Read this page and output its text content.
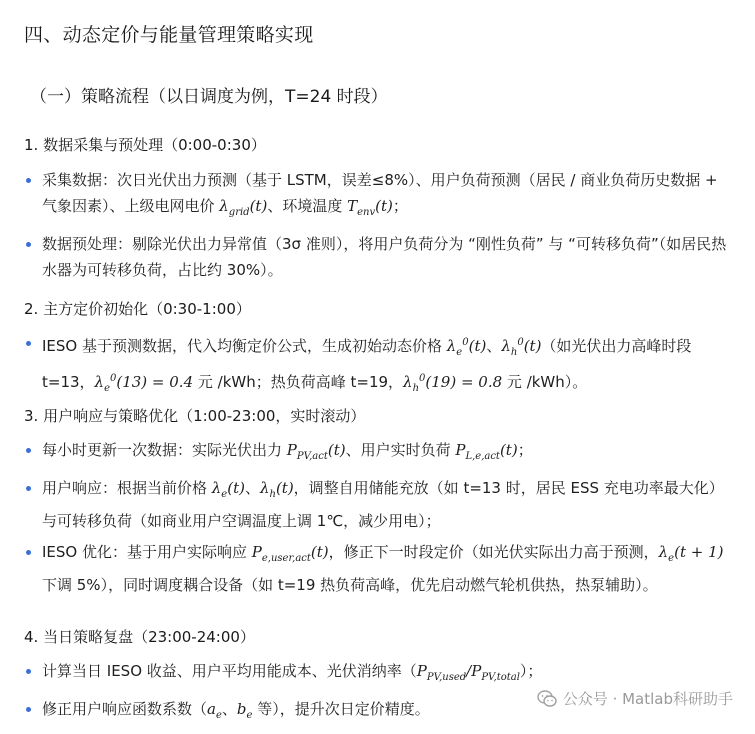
四、动态定价与能量管理策略实现
（一）策略流程（以日调度为例，T=24 时段）

1. 数据采集与预处理（0:00-0:30）

采集数据：次日光伏出力预测（基于 LSTM，误差≤8%）、用户负荷预测（居民 / 商业负荷历史数据 + 气象因素）、上级电网电价 $\lambda_{grid}(t)$、环境温度 $T_{env}(t)$；
数据预处理：剔除光伏出力异常值（3σ 准则），将用户负荷分为 “刚性负荷” 与 “可转移负荷”（如居民热水器为可转移负荷，占比约 30%）。

2. 主方定价初始化（0:30-1:00）

IESO 基于预测数据，代入均衡定价公式，生成初始动态价格 $\lambda_e^0(t)$、$\lambda_h^0(t)$（如光伏出力高峰时段 t=13，$\lambda_e^0(13) = 0.4$ 元 /kWh；热负荷高峰 t=19，$\lambda_h^0(19) = 0.8$ 元 /kWh）。

3. 用户响应与策略优化（1:00-23:00，实时滚动）

每小时更新一次数据：实际光伏出力 $P_{PV,act}(t)$、用户实时负荷 $P_{L,e,act}(t)$；
用户响应：根据当前价格 $\lambda_e(t)$、$\lambda_h(t)$，调整自用储能充放（如 t=13 时，居民 ESS 充电功率最大化）与可转移负荷（如商业用户空调温度上调 1℃，减少用电）；
IESO 优化：基于用户实际响应 $P_{e,user,act}(t)$，修正下一时段定价（如光伏实际出力高于预测，$\lambda_e(t + 1)$ 下调 5%），同时调度耦合设备（如 t=19 热负荷高峰，优先启动燃气轮机供热，热泵辅助）。

4. 当日策略复盘（23:00-24:00）

计算当日 IESO 收益、用户平均用能成本、光伏消纳率$(P_{PV,used}/P_{PV,total})$；
修正用户响应函数系数（$a_e$、$b_e$ 等），提升次日定价精度。
公众号 · Matlab科研助手
